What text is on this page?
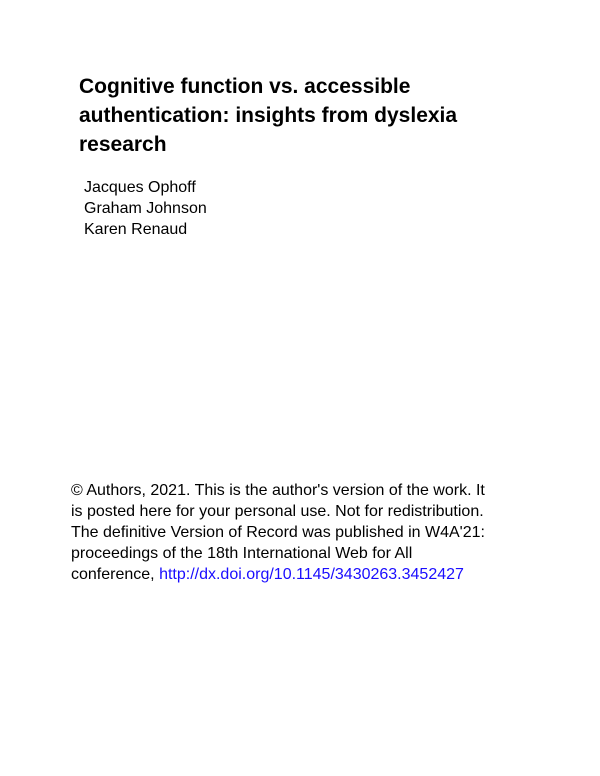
Cognitive function vs. accessible
authentication: insights from dyslexia
research
Jacques Ophoff
Graham Johnson
Karen Renaud

© Authors, 2021. This is the author's version of the work. It
is posted here for your personal use. Not for redistribution.
The definitive Version of Record was published in W4A'21:
proceedings of the 18th International Web for All
conference, http://dx.doi.org/10.1145/3430263.3452427
